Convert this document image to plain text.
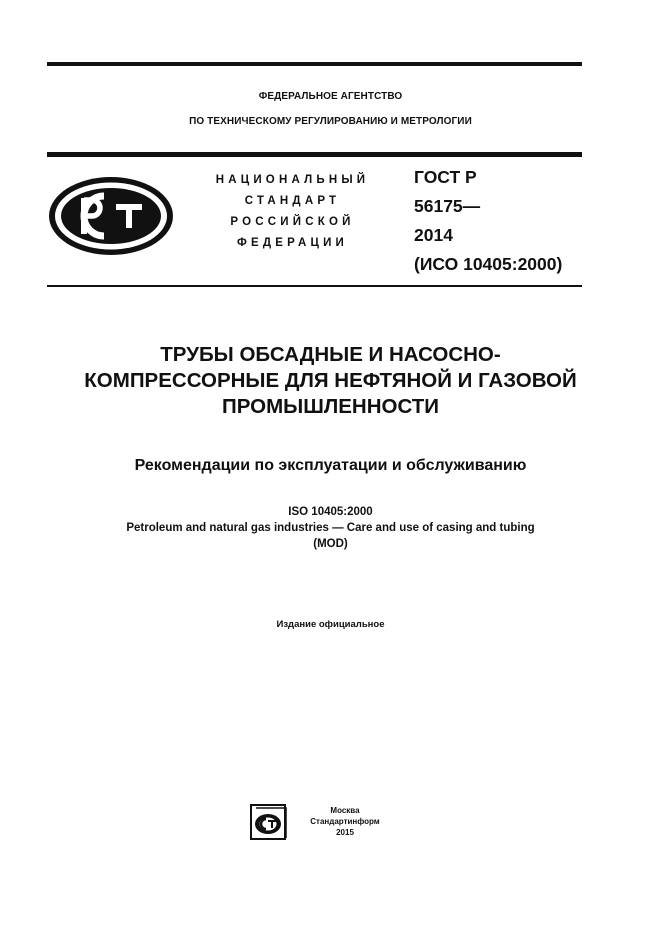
ФЕДЕРАЛЬНОЕ АГЕНТСТВО
ПО ТЕХНИЧЕСКОМУ РЕГУЛИРОВАНИЮ И МЕТРОЛОГИИ
НАЦИОНАЛЬНЫЙ
СТАНДАРТ
РОССИЙСКОЙ
ФЕДЕРАЦИИ
ГОСТ Р
56175—
2014
(ИСО 10405:2000)
ТРУБЫ ОБСАДНЫЕ И НАСОСНО-
КОМПРЕССОРНЫЕ ДЛЯ НЕФТЯНОЙ И ГАЗОВОЙ
ПРОМЫШЛЕННОСТИ
Рекомендации по эксплуатации и обслуживанию
ISO 10405:2000
Petroleum and natural gas industries — Care and use of casing and tubing
(MOD)
Издание официальное
Москва
Стандартинформ
2015
